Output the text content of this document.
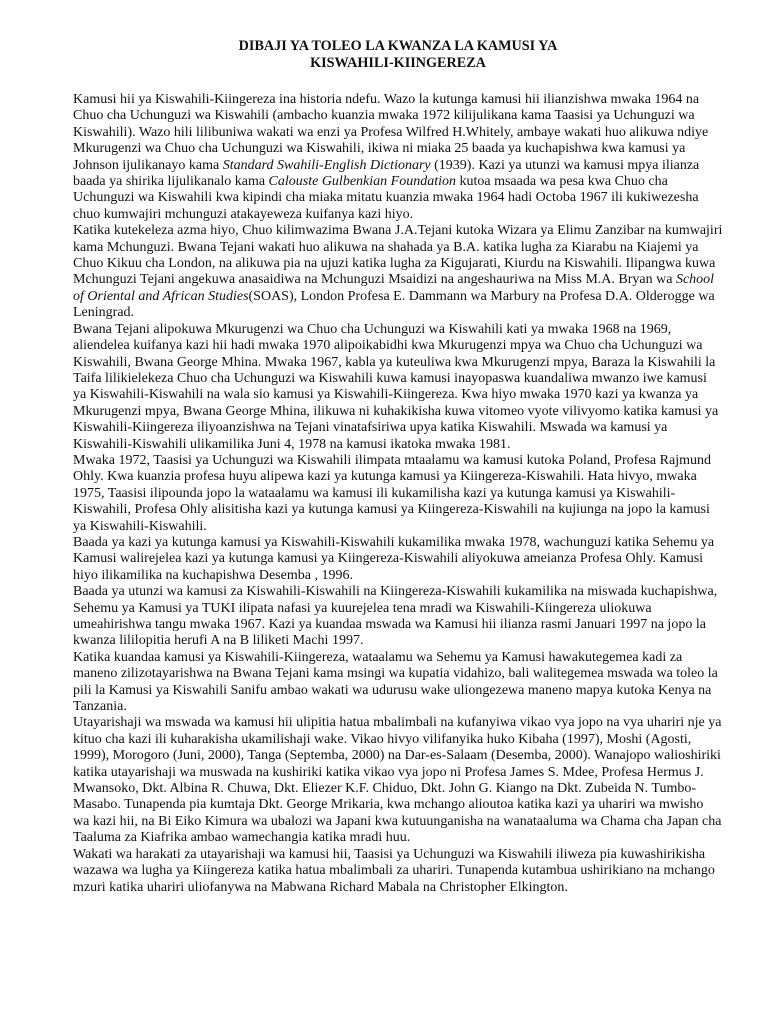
DIBAJI YA TOLEO LA KWANZA LA KAMUSI YA
KISWAHILI-KIINGEREZA

Kamusi hii ya Kiswahili-Kiingereza ina historia ndefu. Wazo la kutunga kamusi hii ilianzishwa mwaka 1964 na Chuo cha Uchunguzi wa Kiswahili (ambacho kuanzia mwaka 1972 kilijulikana kama Taasisi ya Uchunguzi wa Kiswahili). Wazo hili lilibuniwa wakati wa enzi ya Profesa Wilfred H.Whitely, ambaye wakati huo alikuwa ndiye Mkurugenzi wa Chuo cha Uchunguzi wa Kiswahili, ikiwa ni miaka 25 baada ya kuchapishwa kwa kamusi ya Johnson ijulikanayo kama Standard Swahili-English Dictionary (1939). Kazi ya utunzi wa kamusi mpya ilianza baada ya shirika lijulikanalo kama Calouste Gulbenkian Foundation kutoa msaada wa pesa kwa Chuo cha Uchunguzi wa Kiswahili kwa kipindi cha miaka mitatu kuanzia mwaka 1964 hadi Octoba 1967 ili kukiwezesha chuo kumwajiri mchunguzi atakayeweza kuifanya kazi hiyo.

Katika kutekeleza azma hiyo, Chuo kilimwazima Bwana J.A.Tejani kutoka Wizara ya Elimu Zanzibar na kumwajiri kama Mchunguzi. Bwana Tejani wakati huo alikuwa na shahada ya B.A. katika lugha za Kiarabu na Kiajemi ya Chuo Kikuu cha London, na alikuwa pia na ujuzi katika lugha za Kigujarati, Kiurdu na Kiswahili. Ilipangwa kuwa Mchunguzi Tejani angekuwa anasaidiwa na Mchunguzi Msaidizi na angeshauriwa na Miss M.A. Bryan wa School of Oriental and African Studies(SOAS), London Profesa E. Dammann wa Marbury na Profesa D.A. Olderogge wa Leningrad.

Bwana Tejani alipokuwa Mkurugenzi wa Chuo cha Uchunguzi wa Kiswahili kati ya mwaka 1968 na 1969, aliendelea kuifanya kazi hii hadi mwaka 1970 alipoikabidhi kwa Mkurugenzi mpya wa Chuo cha Uchunguzi wa Kiswahili, Bwana George Mhina. Mwaka 1967, kabla ya kuteuliwa kwa Mkurugenzi mpya, Baraza la Kiswahili la Taifa lilikielekeza Chuo cha Uchunguzi wa Kiswahili kuwa kamusi inayopaswa kuandaliwa mwanzo iwe kamusi ya Kiswahili-Kiswahili na wala sio kamusi ya Kiswahili-Kiingereza. Kwa hiyo mwaka 1970 kazi ya kwanza ya Mkurugenzi mpya, Bwana George Mhina, ilikuwa ni kuhakikisha kuwa vitomeo vyote vilivyomo katika kamusi ya Kiswahili-Kiingereza iliyoanzishwa na Tejani vinatafsiriwa upya katika Kiswahili. Mswada wa kamusi ya Kiswahili-Kiswahili ulikamilika Juni 4, 1978 na kamusi ikatoka mwaka 1981.

Mwaka 1972, Taasisi ya Uchunguzi wa Kiswahili ilimpata mtaalamu wa kamusi kutoka Poland, Profesa Rajmund Ohly. Kwa kuanzia profesa huyu alipewa kazi ya kutunga kamusi ya Kiingereza-Kiswahili. Hata hivyo, mwaka 1975, Taasisi ilipounda jopo la wataalamu wa kamusi ili kukamilisha kazi ya kutunga kamusi ya Kiswahili-Kiswahili, Profesa Ohly alisitisha kazi ya kutunga kamusi ya Kiingereza-Kiswahili na kujiunga na jopo la kamusi ya Kiswahili-Kiswahili.

Baada ya kazi ya kutunga kamusi ya Kiswahili-Kiswahili kukamilika mwaka 1978, wachunguzi katika Sehemu ya Kamusi walirejelea kazi ya kutunga kamusi ya Kiingereza-Kiswahili aliyokuwa ameianza Profesa Ohly. Kamusi hiyo ilikamilika na kuchapishwa Desemba , 1996.

Baada ya utunzi wa kamusi za Kiswahili-Kiswahili na Kiingereza-Kiswahili kukamilika na miswada kuchapishwa, Sehemu ya Kamusi ya TUKI ilipata nafasi ya kuurejelea tena mradi wa Kiswahili-Kiingereza uliokuwa umeahirishwa tangu mwaka 1967. Kazi ya kuandaa mswada wa Kamusi hii ilianza rasmi Januari 1997 na jopo la kwanza lililopitia herufi A na B liliketi Machi 1997.

Katika kuandaa kamusi ya Kiswahili-Kiingereza, wataalamu wa Sehemu ya Kamusi hawakutegemea kadi za maneno zilizotayarishwa na Bwana Tejani kama msingi wa kupatia vidahizo, bali walitegemea mswada wa toleo la pili la Kamusi ya Kiswahili Sanifu ambao wakati wa udurusu wake uliongezewa maneno mapya kutoka Kenya na Tanzania.

Utayarishaji wa mswada wa kamusi hii ulipitia hatua mbalimbali na kufanyiwa vikao vya jopo na vya uhariri nje ya kituo cha kazi ili kuharakisha ukamilishaji wake. Vikao hivyo vilifanyika huko Kibaha (1997), Moshi (Agosti, 1999), Morogoro (Juni, 2000), Tanga (Septemba, 2000) na Dar-es-Salaam (Desemba, 2000). Wanajopo walioshiriki katika utayarishaji wa muswada na kushiriki katika vikao vya jopo ni Profesa James S. Mdee, Profesa Hermus J. Mwansoko, Dkt. Albina R. Chuwa, Dkt. Eliezer K.F. Chiduo, Dkt. John G. Kiango na Dkt. Zubeida N. Tumbo-Masabo. Tunapenda pia kumtaja Dkt. George Mrikaria, kwa mchango alioutoa katika kazi ya uhariri wa mwisho wa kazi hii, na Bi Eiko Kimura wa ubalozi wa Japani kwa kutuunganisha na wanataaluma wa Chama cha Japan cha Taaluma za Kiafrika ambao wamechangia katika mradi huu.

Wakati wa harakati za utayarishaji wa kamusi hii, Taasisi ya Uchunguzi wa Kiswahili iliweza pia kuwashirikisha wazawa wa lugha ya Kiingereza katika hatua mbalimbali za uhariri. Tunapenda kutambua ushirikiano na mchango mzuri katika uhariri uliofanywa na Mabwana Richard Mabala na Christopher Elkington.
